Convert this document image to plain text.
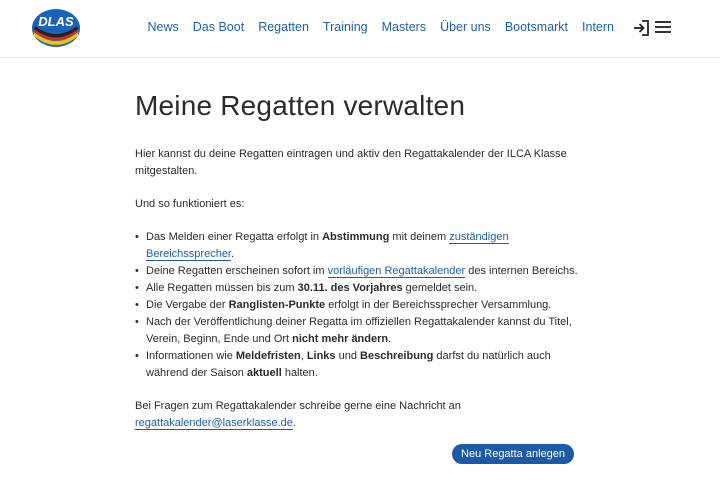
DLAS	News Das Boot Regatten Training Masters Über uns Bootsmarkt Intern
Meine Regatten verwalten

Hier kannst du deine Regatten eintragen und aktiv den Regattakalender der ILCA Klasse mitgestalten.

Und so funktioniert es:

• Das Melden einer Regatta erfolgt in Abstimmung mit deinem zuständigen Bereichssprecher.
• Deine Regatten erscheinen sofort im vorläufigen Regattakalender des internen Bereichs.
• Alle Regatten müssen bis zum 30.11. des Vorjahres gemeldet sein.
• Die Vergabe der Ranglisten-Punkte erfolgt in der Bereichssprecher Versammlung.
• Nach der Veröffentlichung deiner Regatta im offiziellen Regattakalender kannst du Titel, Verein, Beginn, Ende und Ort nicht mehr ändern.
• Informationen wie Meldefristen, Links und Beschreibung darfst du natürlich auch während der Saison aktuell halten.

Bei Fragen zum Regattakalender schreibe gerne eine Nachricht an regattakalender@laserklasse.de.

Neu Regatta anlegen
